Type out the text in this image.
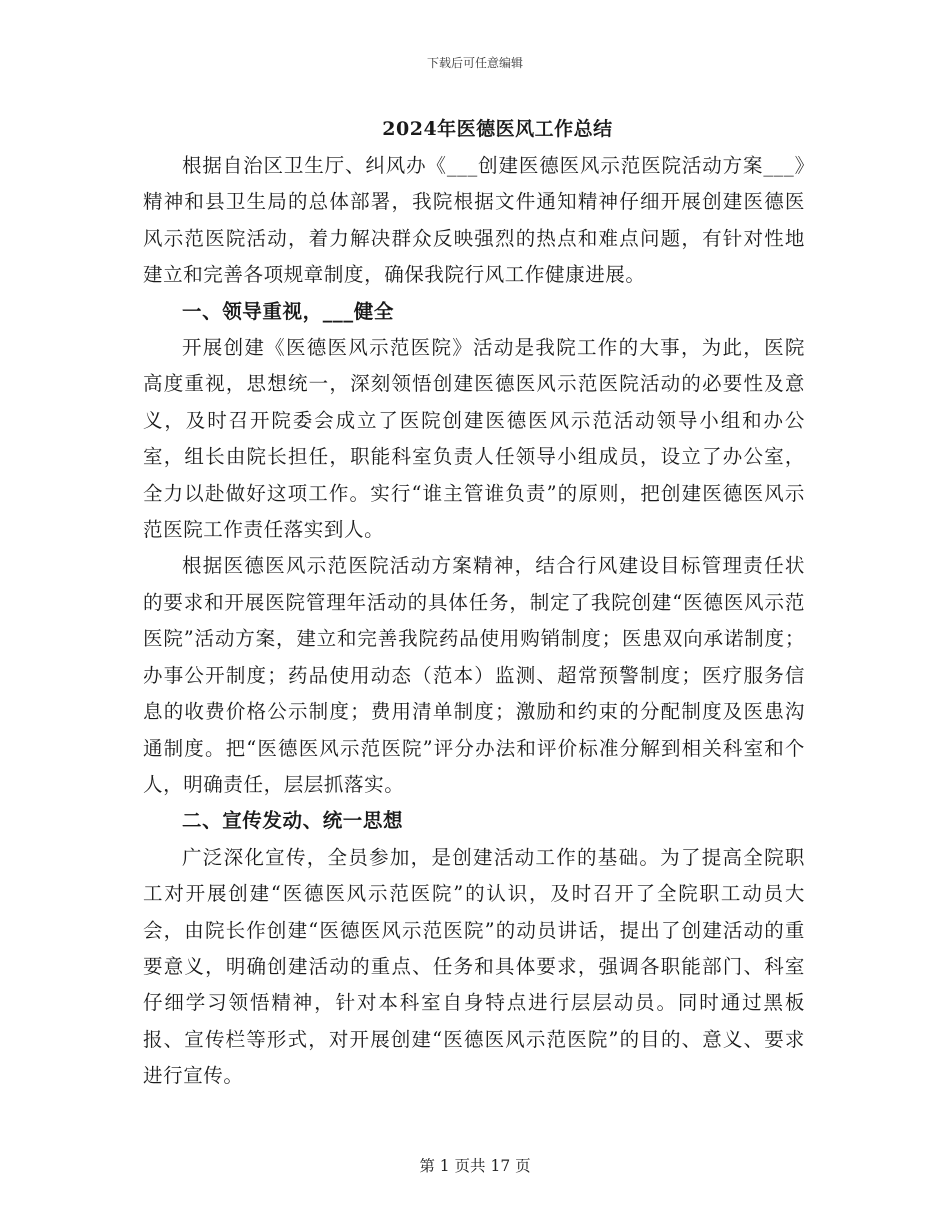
下载后可任意编辑
2024年医德医风工作总结

根据自治区卫生厅、纠风办《___创建医德医风示范医院活动方案___》精神和县卫生局的总体部署，我院根据文件通知精神仔细开展创建医德医风示范医院活动，着力解决群众反映强烈的热点和难点问题，有针对性地建立和完善各项规章制度，确保我院行风工作健康进展。

一、领导重视，___健全

开展创建《医德医风示范医院》活动是我院工作的大事，为此，医院高度重视，思想统一，深刻领悟创建医德医风示范医院活动的必要性及意义，及时召开院委会成立了医院创建医德医风示范活动领导小组和办公室，组长由院长担任，职能科室负责人任领导小组成员，设立了办公室，全力以赴做好这项工作。实行“谁主管谁负责”的原则，把创建医德医风示范医院工作责任落实到人。

根据医德医风示范医院活动方案精神，结合行风建设目标管理责任状的要求和开展医院管理年活动的具体任务，制定了我院创建“医德医风示范医院”活动方案，建立和完善我院药品使用购销制度；医患双向承诺制度；办事公开制度；药品使用动态（范本）监测、超常预警制度；医疗服务信息的收费价格公示制度；费用清单制度；激励和约束的分配制度及医患沟通制度。把“医德医风示范医院”评分办法和评价标准分解到相关科室和个人，明确责任，层层抓落实。

二、宣传发动、统一思想

广泛深化宣传，全员参加，是创建活动工作的基础。为了提高全院职工对开展创建“医德医风示范医院”的认识，及时召开了全院职工动员大会，由院长作创建“医德医风示范医院”的动员讲话，提出了创建活动的重要意义，明确创建活动的重点、任务和具体要求，强调各职能部门、科室仔细学习领悟精神，针对本科室自身特点进行层层动员。同时通过黑板报、宣传栏等形式，对开展创建“医德医风示范医院”的目的、意义、要求进行宣传。

第 1 页共 17 页
